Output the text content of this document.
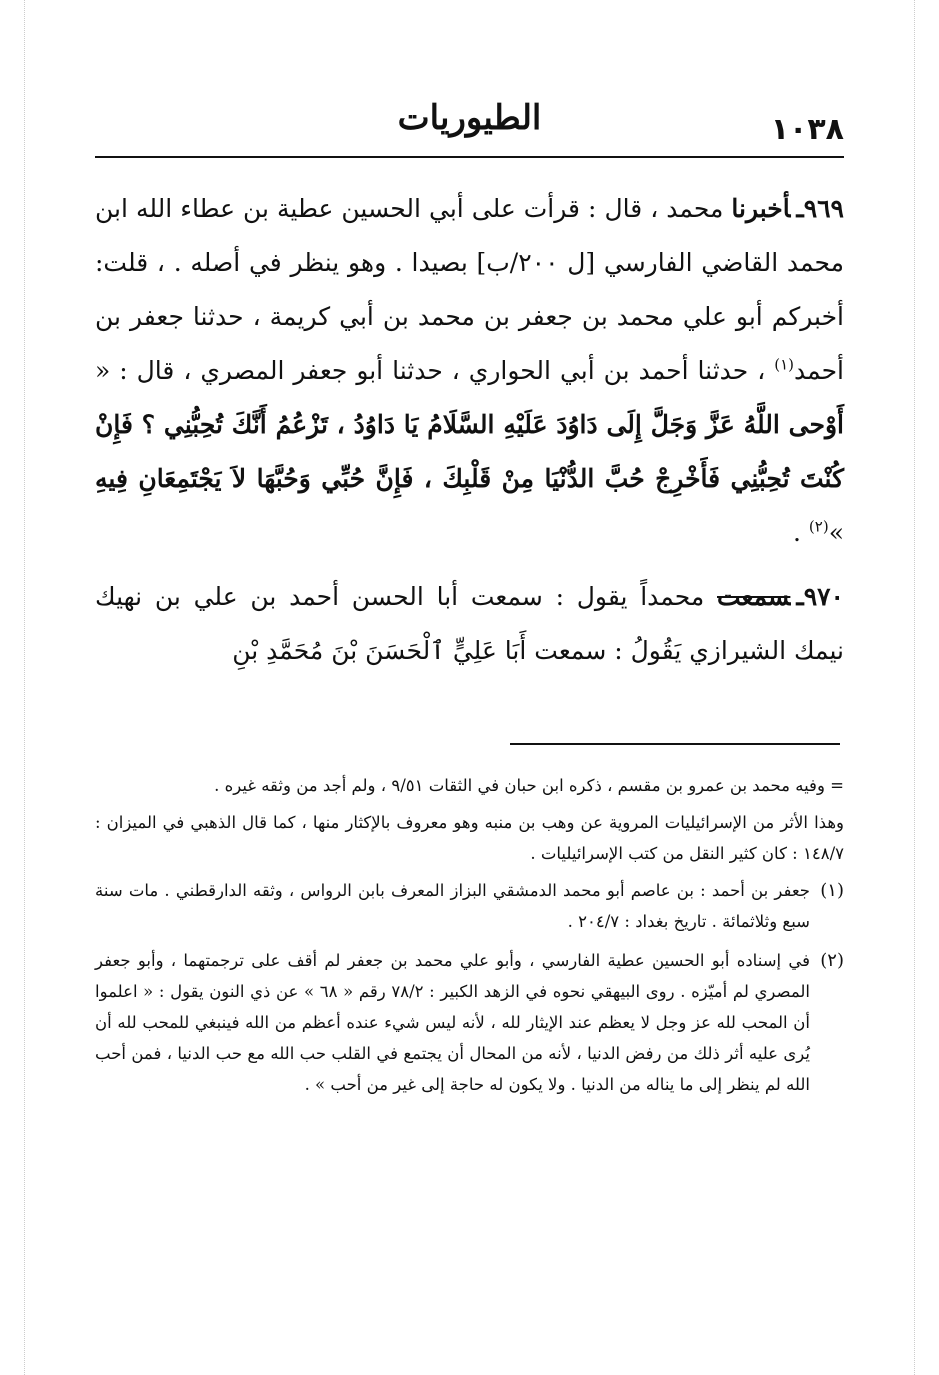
الطيوريات	١٠٣٨

٩٦٩ـأخبرنا محمد ، قال : قرأت على أبي الحسين عطية بن عطاء الله ابن محمد القاضي الفارسي [ل ٢٠٠/ب] بصيدا . وهو ينظر في أصله . ، قلت: أخبركم أبو علي محمد بن جعفر بن محمد بن أبي كريمة ، حدثنا جعفر بن أحمد$^{(١)}$ ، حدثنا أحمد بن أبي الحواري ، حدثنا أبو جعفر المصري ، قال : « أَوْحى اللَّهُ عَزَّ وَجَلَّ إِلَى دَاوُدَ عَلَيْهِ السَّلَامُ يَا دَاوُدُ ، تَزْعُمُ أَنَّكَ تُحِبُّنِي ؟ فَإِنْ كُنْتَ تُحِبُّنِي فَأَخْرِجْ حُبَّ الدُّنْيَا مِنْ قَلْبِكَ ، فَإِنَّ حُبِّي وَحُبَّهَا لاَ يَجْتَمِعَانِ فِيهِ »$^{(٢)}$ .

٩٧٠ـسمعت محمداً يقول : سمعت أبا الحسن أحمد بن علي بن نهيك نيمك الشيرازي يَقُولُ : سمعت أَبَا عَلِيٍّ ٱلْحَسَنَ بْنَ مُحَمَّدِ بْنِ

= وفيه محمد بن عمرو بن مقسم ، ذكره ابن حبان في الثقات ٩/٥١ ، ولم أجد من وثقه غيره .

وهذا الأثر من الإسرائيليات المروية عن وهب بن منبه وهو معروف بالإكثار منها ، كما قال الذهبي في الميزان : ١٤٨/٧ : كان كثير النقل من كتب الإسرائيليات .

(١)

جعفر بن أحمد : بن عاصم أبو محمد الدمشقي البزاز المعرف بابن الرواس ، وثقه الدارقطني . مات سنة سبع وثلاثمائة . تاريخ بغداد : ٢٠٤/٧ .

(٢)

في إسناده أبو الحسين عطية الفارسي ، وأبو علي محمد بن جعفر لم أقف على ترجمتهما ، وأبو جعفر المصري لم أميّزه . روى البيهقي نحوه في الزهد الكبير : ٧٨/٢ رقم « ٦٨ » عن ذي النون يقول : « اعلموا أن المحب لله عز وجل لا يعظم عند الإيثار لله ، لأنه ليس شيء عنده أعظم من الله فينبغي للمحب لله أن يُرى عليه أثر ذلك من رفض الدنيا ، لأنه من المحال أن يجتمع في القلب حب الله مع حب الدنيا ، فمن أحب الله لم ينظر إلى ما يناله من الدنيا . ولا يكون له حاجة إلى غير من أحب » .
